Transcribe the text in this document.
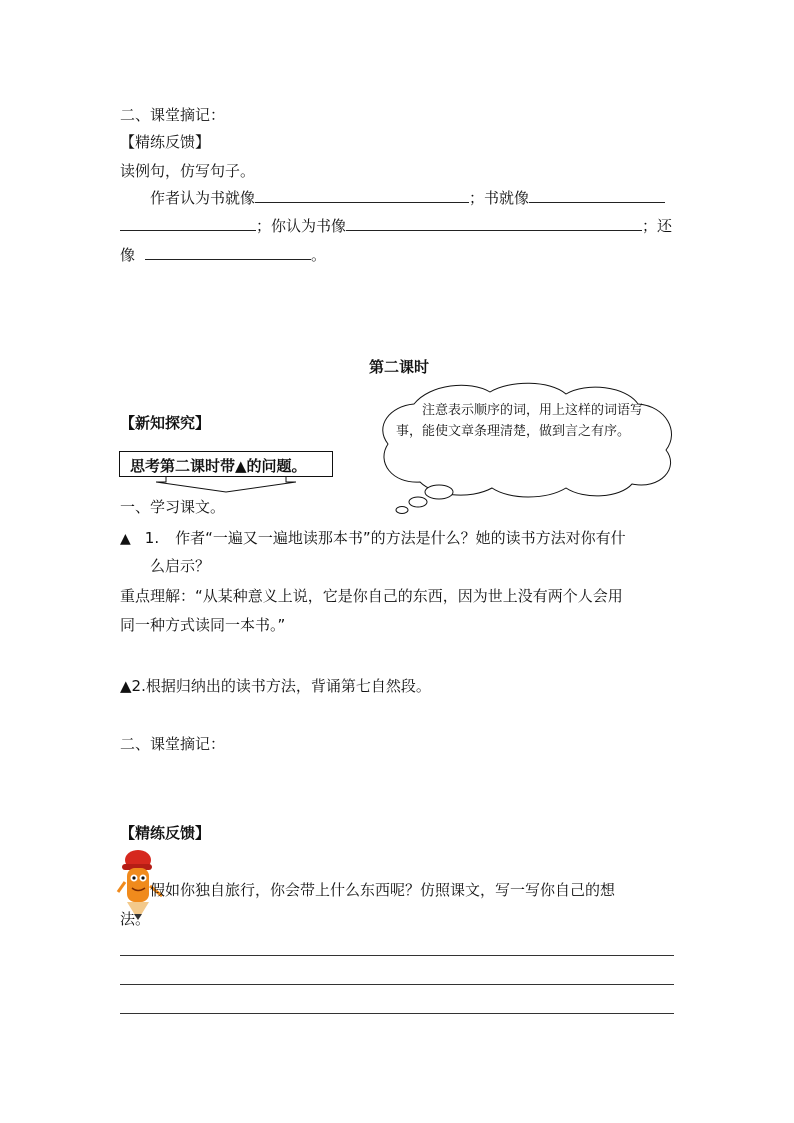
二、课堂摘记：
【精练反馈】
读例句，仿写句子。
作者认为书就像	；书就像
；你认为书像	；还
像	。
第二课时
【新知探究】
注意表示顺序的词，用上这样的词语写事，能使文章条理清楚，做到言之有序。
思考第二课时带▲的问题。
一、学习课文。
▲ 1. 作者“一遍又一遍地读那本书”的方法是什么？她的读书方法对你有什
么启示？
重点理解：“从某种意义上说，它是你自己的东西，因为世上没有两个人会用
同一种方式读同一本书。”
▲2.根据归纳出的读书方法，背诵第七自然段。
二、课堂摘记：
【精练反馈】
假如你独自旅行，你会带上什么东西呢？仿照课文，写一写你自己的想
法。
